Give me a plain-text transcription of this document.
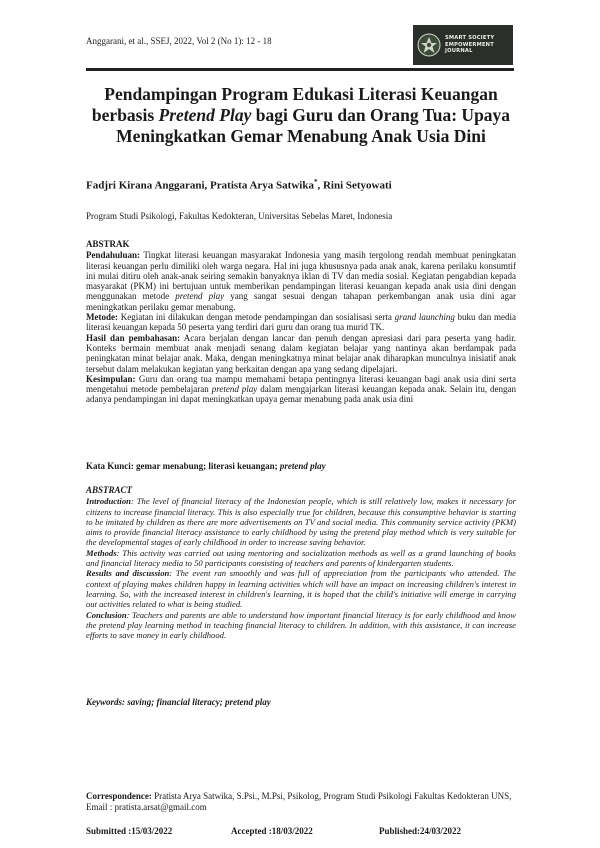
Anggarani, et al., SSEJ, 2022, Vol 2 (No 1): 12 - 18	SMART SOCIETY
EMPOWERMENT
JOURNAL
Pendampingan Program Edukasi Literasi Keuangan
berbasis Pretend Play bagi Guru dan Orang Tua: Upaya
Meningkatkan Gemar Menabung Anak Usia Dini
Fadjri Kirana Anggarani, Pratista Arya Satwika*, Rini Setyowati
Program Studi Psikologi, Fakultas Kedokteran, Universitas Sebelas Maret, Indonesia
ABSTRAK

Pendahuluan: Tingkat literasi keuangan masyarakat Indonesia yang masih tergolong rendah membuat peningkatan literasi keuangan perlu dimiliki oleh warga negara. Hal ini juga khususnya pada anak anak, karena perilaku konsumtif ini mulai ditiru oleh anak-anak seiring semakin banyaknya iklan di TV dan media sosial. Kegiatan pengabdian kepada masyarakat (PKM) ini bertujuan untuk memberikan pendampingan literasi keuangan kepada anak usia dini dengan menggunakan metode pretend play yang sangat sesuai dengan tahapan perkembangan anak usia dini agar meningkatkan perilaku gemar menabung.

Metode: Kegiatan ini dilakukan dengan metode pendampingan dan sosialisasi serta grand launching buku dan media literasi keuangan kepada 50 peserta yang terdiri dari guru dan orang tua murid TK.

Hasil dan pembahasan: Acara berjalan dengan lancar dan penuh dengan apresiasi dari para peserta yang hadir. Konteks bermain membuat anak menjadi senang dalam kegiatan belajar yang nantinya akan berdampak pada peningkatan minat belajar anak. Maka, dengan meningkatnya minat belajar anak diharapkan munculnya inisiatif anak tersebut dalam melakukan kegiatan yang berkaitan dengan apa yang sedang dipelajari.

Kesimpulan: Guru dan orang tua mampu memahami betapa pentingnya literasi keuangan bagi anak usia dini serta mengetahui metode pembelajaran pretend play dalam mengajarkan literasi keuangan kepada anak. Selain itu, dengan adanya pendampingan ini dapat meningkatkan upaya gemar menabung pada anak usia dini

Kata Kunci: gemar menabung; literasi keuangan; pretend play
ABSTRACT

Introduction: The level of financial literacy of the Indonesian people, which is still relatively low, makes it necessary for citizens to increase financial literacy. This is also especially true for children, because this consumptive behavior is starting to be imitated by children as there are more advertisements on TV and social media. This community service activity (PKM) aims to provide financial literacy assistance to early childhood by using the pretend play method which is very suitable for the developmental stages of early childhood in order to increase saving behavior.

Methods: This activity was carried out using mentoring and socialization methods as well as a grand launching of books and financial literacy media to 50 participants consisting of teachers and parents of kindergarten students.

Results and discussion: The event ran smoothly and was full of appreciation from the participants who attended. The context of playing makes children happy in learning activities which will have an impact on increasing children's interest in learning. So, with the increased interest in children's learning, it is hoped that the child's initiative will emerge in carrying out activities related to what is being studied.

Conclusion: Teachers and parents are able to understand how important financial literacy is for early childhood and know the pretend play learning method in teaching financial literacy to children. In addition, with this assistance, it can increase efforts to save money in early childhood.

Keywords: saving; financial literacy; pretend play
Correspondence: Pratista Arya Satwika, S.Psi., M.Psi, Psikolog, Program Studi Psikologi Fakultas Kedokteran UNS, Email : pratista.arsat@gmail.com
Submitted :15/03/2022	Accepted :18/03/2022	Published:24/03/2022
